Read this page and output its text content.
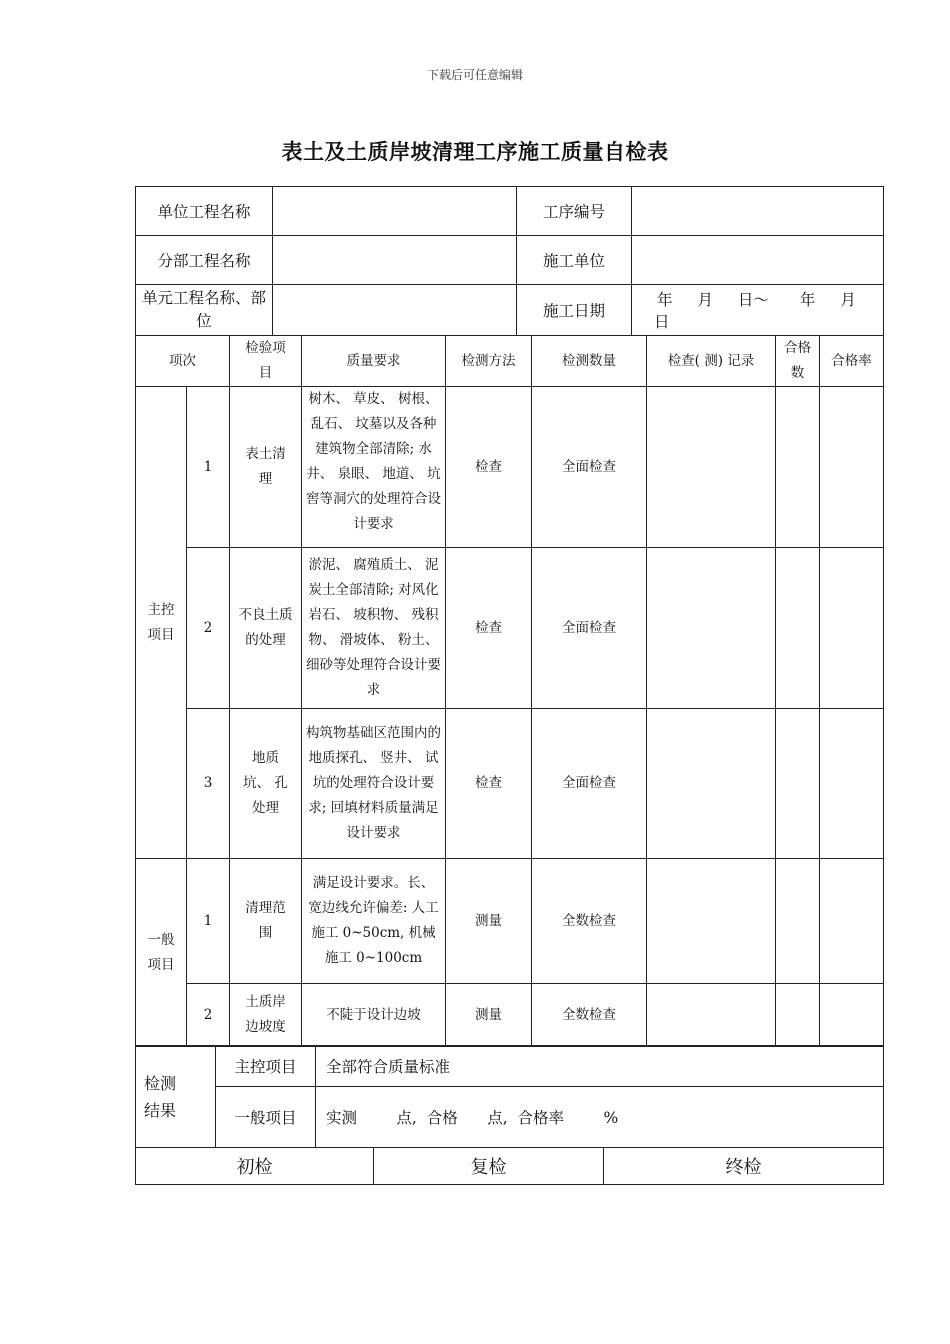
下载后可任意编辑
表土及土质岸坡清理工序施工质量自检表
单位工程名称		工序编号	
分部工程名称		施工单位	
单元工程名称、部位		施工日期	年 月 日～ 年 月 日
项次		检验项目	质量要求	检测方法	检测数量	检查( 测) 记录	合格数	合格率
主控项目	1	表土清理	树木、 草皮、 树根、 乱石、 坟墓以及各种建筑物全部清除; 水井、 泉眼、 地道、 坑窖等洞穴的处理符合设计要求	检查	全面检查			
	2	不良土质的处理	淤泥、 腐殖质土、 泥炭土全部清除; 对风化岩石、 坡积物、 残积物、 滑坡体、 粉土、 细砂等处理符合设计要求	检查	全面检查			
	3	地质坑、 孔处理	构筑物基础区范围内的地质探孔、 竖井、 试坑的处理符合设计要求; 回填材料质量满足设计要求	检查	全面检查			
一般项目	1	清理范围	满足设计要求。长、 宽边线允许偏差: 人工施工 0~50cm, 机械施工 0~100cm	测量	全数检查			
	2	土质岸边坡度	不陡于设计边坡	测量	全数检查			
检测结果	主控项目	全部符合质量标准
	一般项目	实测        点,  合格      点,  合格率        %
初检	复检	终检
